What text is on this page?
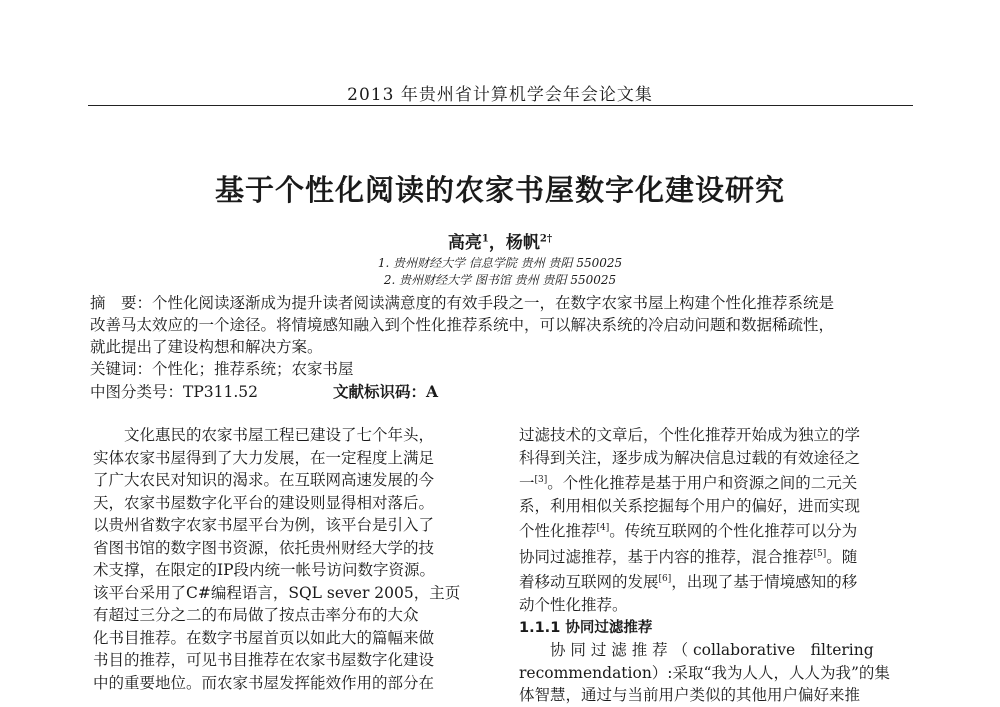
2013 年贵州省计算机学会年会论文集
基于个性化阅读的农家书屋数字化建设研究
高亮$^1$，杨帆$^{2\dagger}$
1. 贵州财经大学 信息学院 贵州 贵阳 550025
2. 贵州财经大学 图书馆 贵州 贵阳 550025
摘　要：个性化阅读逐渐成为提升读者阅读满意度的有效手段之一，在数字农家书屋上构建个性化推荐系统是
改善马太效应的一个途径。将情境感知融入到个性化推荐系统中，可以解决系统的冷启动问题和数据稀疏性，
就此提出了建设构想和解决方案。
关键词：个性化；推荐系统；农家书屋
中图分类号：TP311.52	文献标识码：A
　　文化惠民的农家书屋工程已建设了七个年头，
实体农家书屋得到了大力发展，在一定程度上满足
了广大农民对知识的渴求。在互联网高速发展的今
天，农家书屋数字化平台的建设则显得相对落后。
以贵州省数字农家书屋平台为例，该平台是引入了
省图书馆的数字图书资源，依托贵州财经大学的技
术支撑，在限定的IP段内统一帐号访问数字资源。
该平台采用了C#编程语言，SQL sever 2005，主页
有超过三分之二的布局做了按点击率分布的大众
化书目推荐。在数字书屋首页以如此大的篇幅来做
书目的推荐，可见书目推荐在农家书屋数字化建设
中的重要地位。而农家书屋发挥能效作用的部分在
过滤技术的文章后，个性化推荐开始成为独立的学
科得到关注，逐步成为解决信息过载的有效途径之
一[3]。个性化推荐是基于用户和资源之间的二元关
系，利用相似关系挖掘每个用户的偏好，进而实现
个性化推荐[4]。传统互联网的个性化推荐可以分为
协同过滤推荐，基于内容的推荐，混合推荐[5]。随
着移动互联网的发展[6]，出现了基于情境感知的移
动个性化推荐。
1.1.1 协同过滤推荐
　　协 同 过 滤 推 荐 （ collaborative　filtering
recommendation）:采取“我为人人，人人为我”的集
体智慧，通过与当前用户类似的其他用户偏好来推
